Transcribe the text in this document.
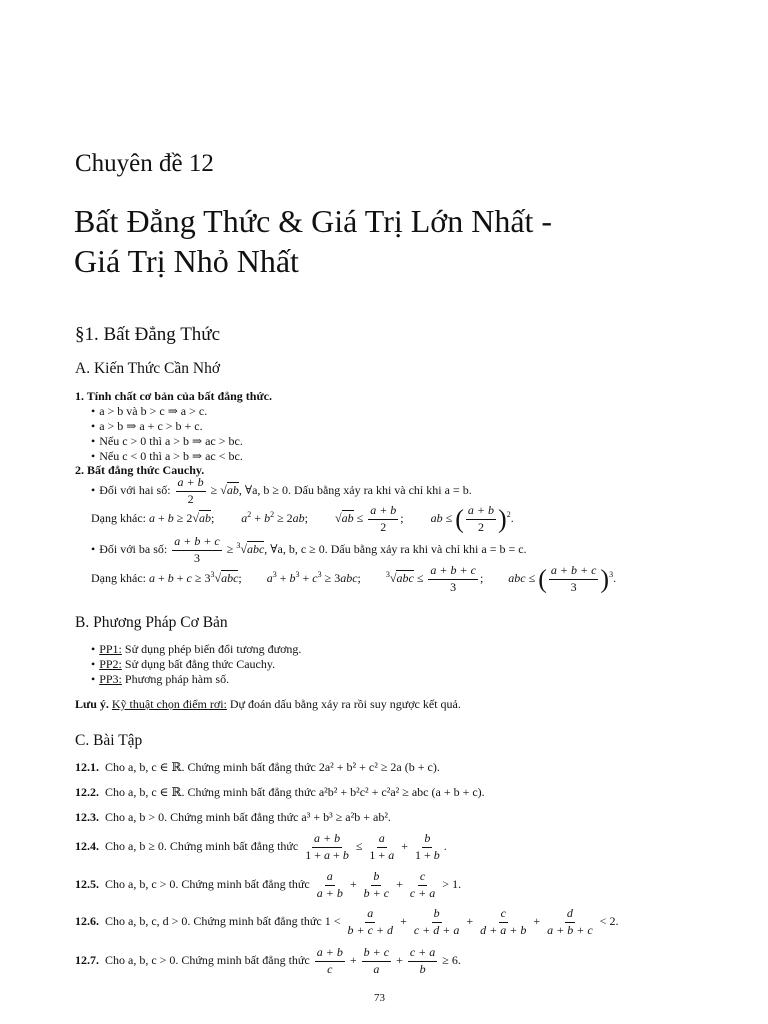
Chuyên đề 12
Bất Đẳng Thức & Giá Trị Lớn Nhất -
Giá Trị Nhỏ Nhất
§1. Bất Đẳng Thức
A. Kiến Thức Cần Nhớ
1. Tính chất cơ bản của bất đẳng thức.
• a > b và b > c ⇒ a > c.
• a > b ⇒ a + c > b + c.
• Nếu c > 0 thì a > b ⇒ ac > bc.
• Nếu c < 0 thì a > b ⇒ ac < bc.
2. Bất đẳng thức Cauchy.
• Đối với hai số: $\frac{a + b}{2} \ge √ab$, ∀a, b ≥ 0. Dấu bằng xảy ra khi và chỉ khi a = b.
Dạng khác: a + b ≥ 2√ab; $a^2 + b^2 \ge 2ab$; $√ab \le \frac{a + b}{2}$ ; ab ≤ ( $\frac{a + b}{2} )^2$.
• Đối với ba số: $\frac{a + b + c}{3} \ge ^3√abc$, ∀a, b, c ≥ 0. Dấu bằng xảy ra khi và chỉ khi a = b = c.
Dạng khác: $a + b + c \ge 3^3√abc$; $a^3 + b^3 + c^3 \ge 3abc$;	$^3√abc \le \frac{a + b + c}{3}$ ; abc ≤ ( $\frac{a + b + c}{3} )^3$.
B. Phương Pháp Cơ Bản
• PP1: Sử dụng phép biến đổi tương đương.
• PP2: Sử dụng bất đẳng thức Cauchy.
• PP3: Phương pháp hàm số.
Lưu ý. Kỹ thuật chọn điểm rơi: Dự đoán dấu bằng xảy ra rồi suy ngược kết quả.
C. Bài Tập
12.1. Cho a, b, c ∈ ℝ. Chứng minh bất đẳng thức 2a² + b² + c² ≥ 2a (b + c).
12.2. Cho a, b, c ∈ ℝ. Chứng minh bất đẳng thức a²b² + b²c² + c²a² ≥ abc (a + b + c).
12.3. Cho a, b > 0. Chứng minh bất đẳng thức a³ + b³ ≥ a²b + ab².
12.4. Cho a, b ≥ 0. Chứng minh bất đẳng thức $\frac{a + b}{1 + a + b} \le \frac{a}{1 + a} + \frac{b}{1 + b}$ .
12.5. Cho a, b, c > 0. Chứng minh bất đẳng thức $\frac{a}{a + b} + \frac{b}{b + c} + \frac{c}{c + a} > 1$.
12.6. Cho a, b, c, d > 0. Chứng minh bất đẳng thức $1 < \frac{a}{b + c + d} + \frac{b}{c + d + a} + \frac{c}{d + a + b} + \frac{d}{a + b + c} < 2$.
12.7. Cho a, b, c > 0. Chứng minh bất đẳng thức $\frac{a + b}{c} + \frac{b + c}{a} + \frac{c + a}{b} \ge 6$.
73
